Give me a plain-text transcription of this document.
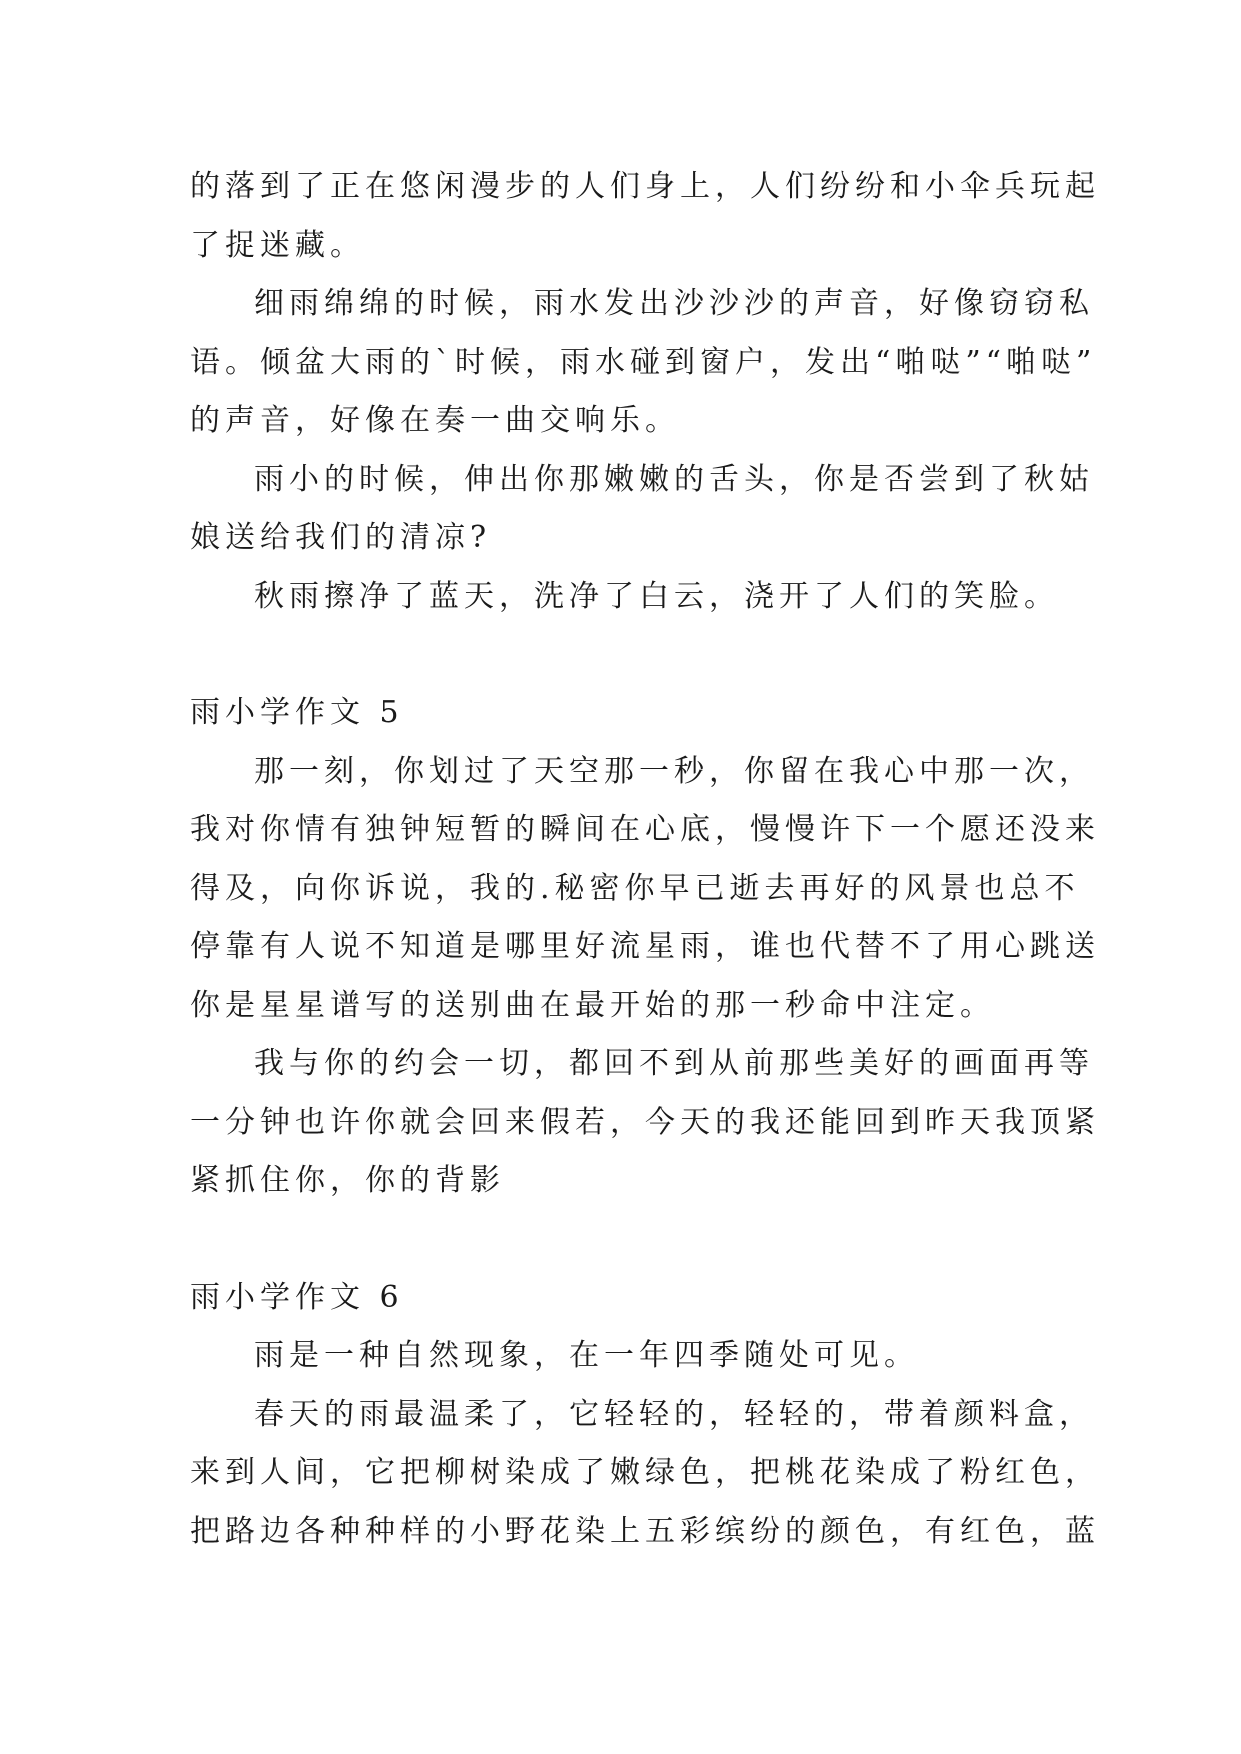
的落到了正在悠闲漫步的人们身上，人们纷纷和小伞兵玩起

了捉迷藏。

细雨绵绵的时候，雨水发出沙沙沙的声音，好像窃窃私

语。倾盆大雨的`时候，雨水碰到窗户，发出“啪哒”“啪哒”

的声音，好像在奏一曲交响乐。

雨小的时候，伸出你那嫩嫩的舌头，你是否尝到了秋姑

娘送给我们的清凉?

秋雨擦净了蓝天，洗净了白云，浇开了人们的笑脸。

雨小学作文 5

那一刻，你划过了天空那一秒，你留在我心中那一次，

我对你情有独钟短暂的瞬间在心底，慢慢许下一个愿还没来

得及，向你诉说，我的.秘密你早已逝去再好的风景也总不

停靠有人说不知道是哪里好流星雨，谁也代替不了用心跳送

你是星星谱写的送别曲在最开始的那一秒命中注定。

我与你的约会一切，都回不到从前那些美好的画面再等

一分钟也许你就会回来假若，今天的我还能回到昨天我顶紧

紧抓住你，你的背影

雨小学作文 6

雨是一种自然现象，在一年四季随处可见。

春天的雨最温柔了，它轻轻的，轻轻的，带着颜料盒，

来到人间，它把柳树染成了嫩绿色，把桃花染成了粉红色，

把路边各种种样的小野花染上五彩缤纷的颜色，有红色，蓝
